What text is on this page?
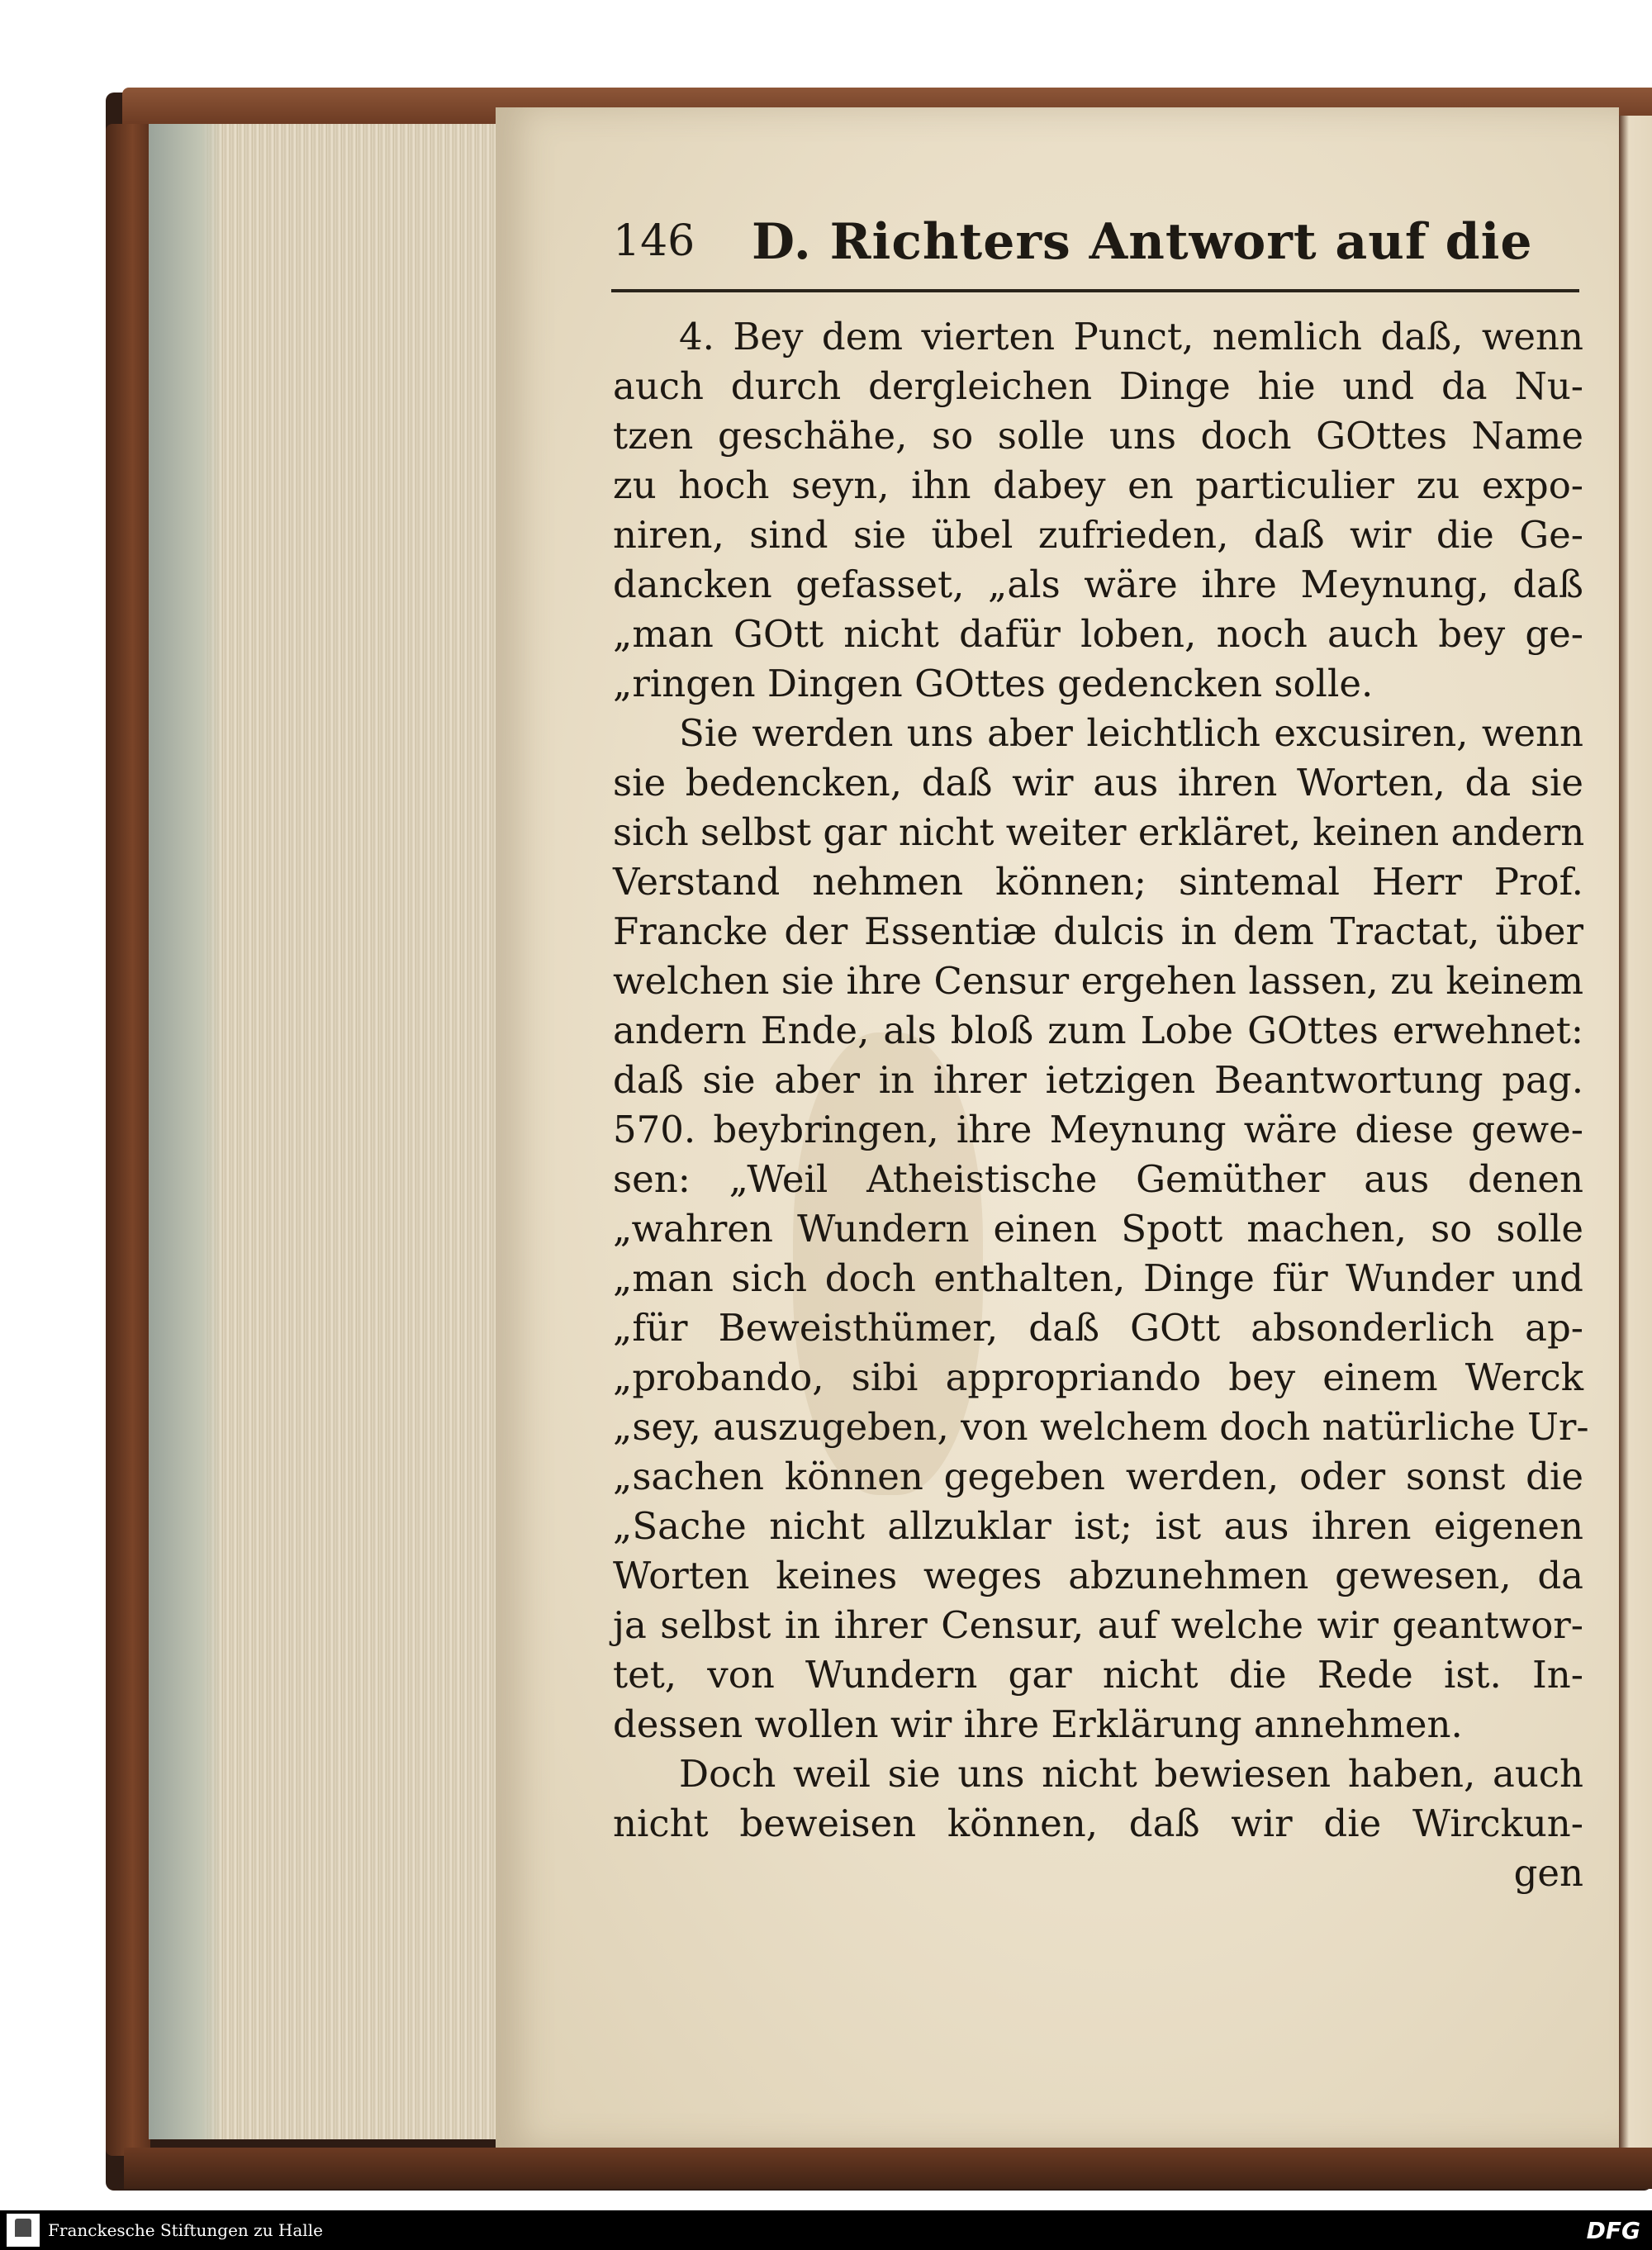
146 D. Richters Antwort auf die
4. Bey dem vierten Punct, nemlich daß, wenn
auch durch dergleichen Dinge hie und da Nu-
tzen geschähe, so solle uns doch GOttes Name
zu hoch seyn, ihn dabey en particulier zu expo-
niren, sind sie übel zufrieden, daß wir die Ge-
dancken gefasset, „als wäre ihre Meynung, daß
„man GOtt nicht dafür loben, noch auch bey ge-
„ringen Dingen GOttes gedencken solle.
Sie werden uns aber leichtlich excusiren, wenn
sie bedencken, daß wir aus ihren Worten, da sie
sich selbst gar nicht weiter erkläret, keinen andern
Verstand nehmen können; sintemal Herr Prof.
Francke der Essentiæ dulcis in dem Tractat, über
welchen sie ihre Censur ergehen lassen, zu keinem
andern Ende, als bloß zum Lobe GOttes erwehnet:
daß sie aber in ihrer ietzigen Beantwortung pag.
570. beybringen, ihre Meynung wäre diese gewe-
sen: „Weil Atheistische Gemüther aus denen
„wahren Wundern einen Spott machen, so solle
„man sich doch enthalten, Dinge für Wunder und
„für Beweisthümer, daß GOtt absonderlich ap-
„probando, sibi appropriando bey einem Werck
„sey, auszugeben, von welchem doch natürliche Ur-
„sachen können gegeben werden, oder sonst die
„Sache nicht allzuklar ist; ist aus ihren eigenen
Worten keines weges abzunehmen gewesen, da
ja selbst in ihrer Censur, auf welche wir geantwor-
tet, von Wundern gar nicht die Rede ist. In-
dessen wollen wir ihre Erklärung annehmen.
Doch weil sie uns nicht bewiesen haben, auch
nicht beweisen können, daß wir die Wirckun-
gen
Franckesche Stiftungen zu Halle	DFG
